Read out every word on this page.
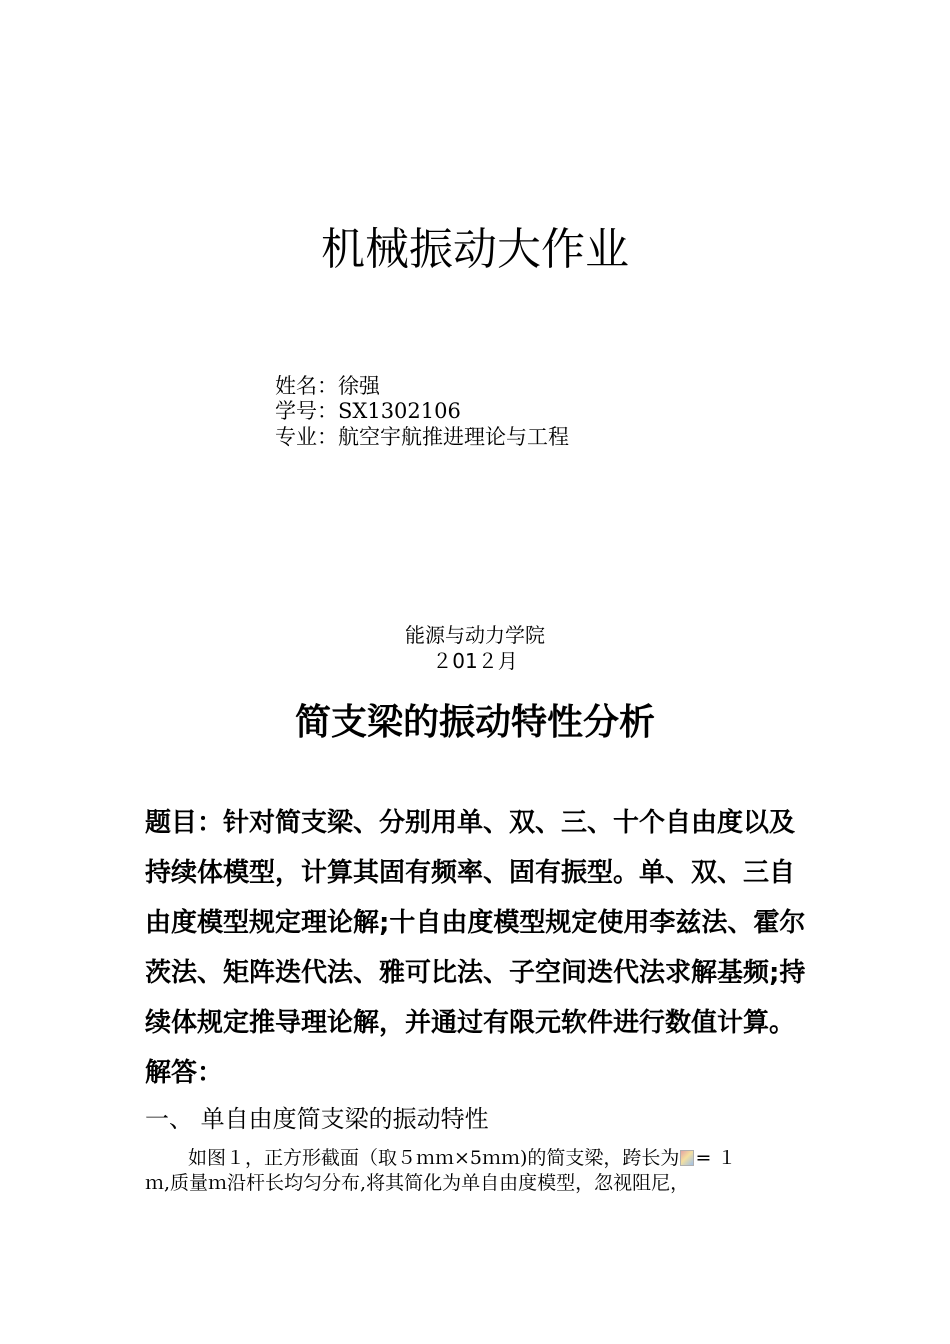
机械振动大作业
姓名：徐强
学号：SX1302106
专业：航空宇航推进理论与工程
能源与动力学院
２01２月
简支梁的振动特性分析
题目：针对简支梁、分别用单、双、三、十个自由度以及
持续体模型，计算其固有频率、固有振型。单、双、三自
由度模型规定理论解;十自由度模型规定使用李兹法、霍尔
茨法、矩阵迭代法、雅可比法、子空间迭代法求解基频;持
续体规定推导理论解，并通过有限元软件进行数值计算。
解答：
一、 单自由度简支梁的振动特性
如图１，正方形截面（取５ｍｍ×5ｍｍ)的简支梁，跨长为 = １
ｍ,质量ｍ沿杆长均匀分布,将其简化为单自由度模型，忽视阻尼，
